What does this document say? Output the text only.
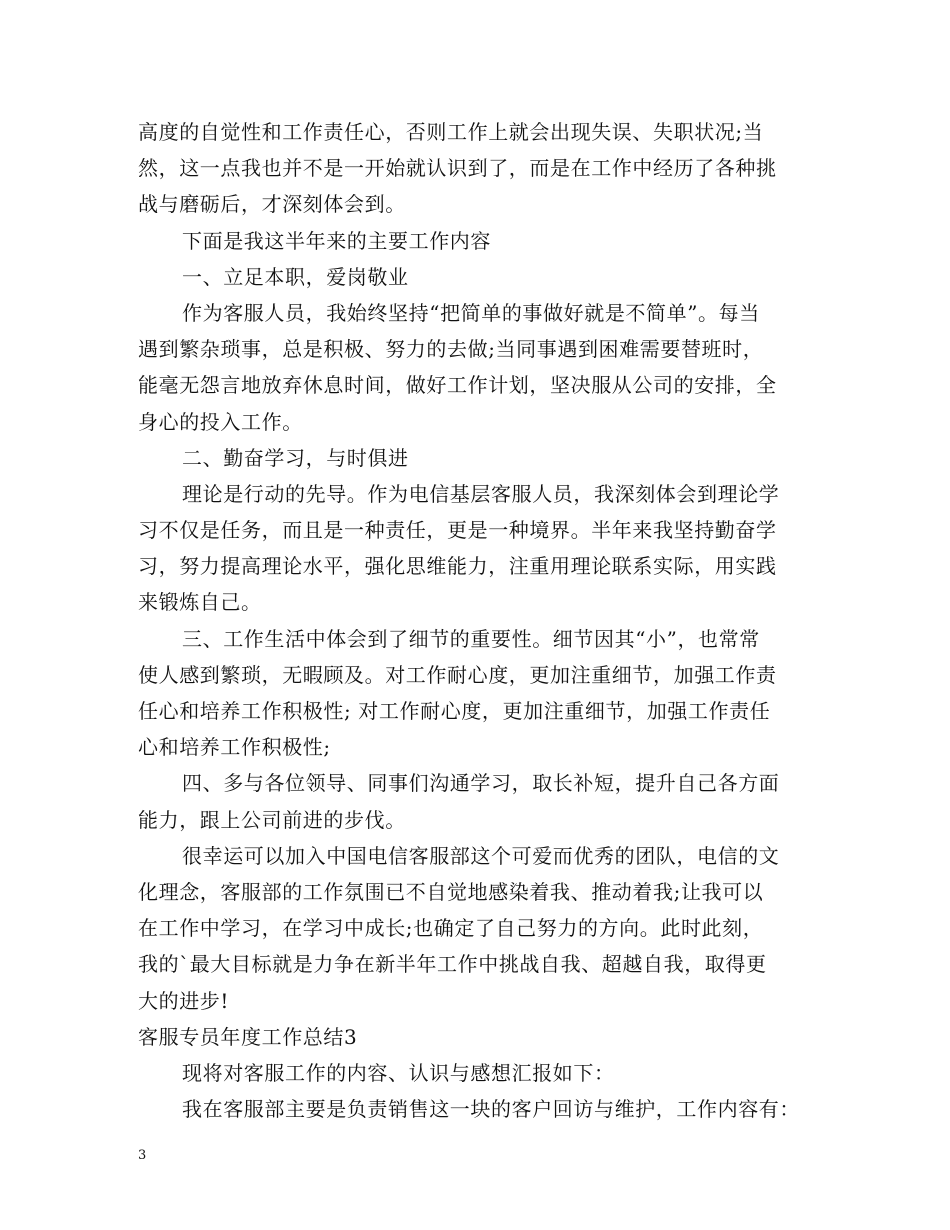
高度的自觉性和工作责任心，否则工作上就会出现失误、失职状况;当
然，这一点我也并不是一开始就认识到了，而是在工作中经历了各种挑
战与磨砺后，才深刻体会到。
下面是我这半年来的主要工作内容
一、立足本职，爱岗敬业
作为客服人员，我始终坚持“把简单的事做好就是不简单”。每当
遇到繁杂琐事，总是积极、努力的去做;当同事遇到困难需要替班时，
能毫无怨言地放弃休息时间，做好工作计划，坚决服从公司的安排，全
身心的投入工作。
二、勤奋学习，与时俱进
理论是行动的先导。作为电信基层客服人员，我深刻体会到理论学
习不仅是任务，而且是一种责任，更是一种境界。半年来我坚持勤奋学
习，努力提高理论水平，强化思维能力，注重用理论联系实际，用实践
来锻炼自己。
三、工作生活中体会到了细节的重要性。细节因其“小”，也常常
使人感到繁琐，无暇顾及。对工作耐心度，更加注重细节，加强工作责
任心和培养工作积极性; 对工作耐心度，更加注重细节，加强工作责任
心和培养工作积极性;
四、多与各位领导、同事们沟通学习，取长补短，提升自己各方面
能力，跟上公司前进的步伐。
很幸运可以加入中国电信客服部这个可爱而优秀的团队，电信的文
化理念，客服部的工作氛围已不自觉地感染着我、推动着我;让我可以
在工作中学习，在学习中成长;也确定了自己努力的方向。此时此刻，
我的`最大目标就是力争在新半年工作中挑战自我、超越自我，取得更
大的进步!
客服专员年度工作总结3
现将对客服工作的内容、认识与感想汇报如下：
我在客服部主要是负责销售这一块的客户回访与维护，工作内容有：
3
